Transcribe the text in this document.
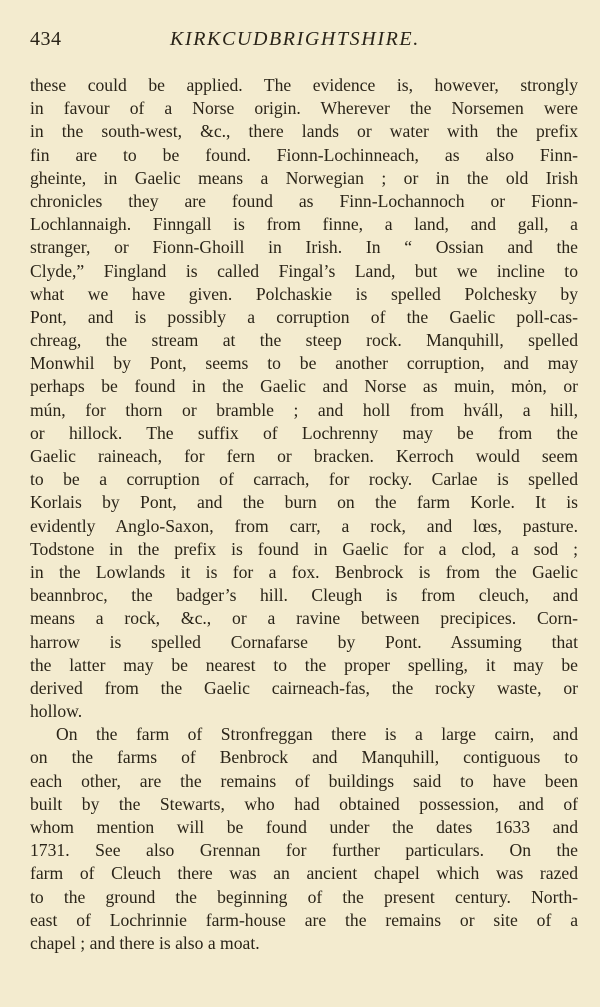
434	KIRKCUDBRIGHTSHIRE.
these could be applied. The evidence is, however, strongly
in favour of a Norse origin. Wherever the Norsemen were
in the south-west, &c., there lands or water with the prefix
fin are to be found. Fionn-Lochinneach, as also Finn-
gheinte, in Gaelic means a Norwegian ; or in the old Irish
chronicles they are found as Finn-Lochannoch or Fionn-
Lochlannaigh. Finngall is from finne, a land, and gall, a
stranger, or Fionn-Ghoill in Irish. In “ Ossian and the
Clyde,” Fingland is called Fingal’s Land, but we incline to
what we have given. Polchaskie is spelled Polchesky by
Pont, and is possibly a corruption of the Gaelic poll-cas-
chreag, the stream at the steep rock. Manquhill, spelled
Monwhil by Pont, seems to be another corruption, and may
perhaps be found in the Gaelic and Norse as muin, mȯn, or
mún, for thorn or bramble ; and holl from hváll, a hill,
or hillock. The suffix of Lochrenny may be from the
Gaelic raineach, for fern or bracken. Kerroch would seem
to be a corruption of carrach, for rocky. Carlae is spelled
Korlais by Pont, and the burn on the farm Korle. It is
evidently Anglo-Saxon, from carr, a rock, and lœs, pasture.
Todstone in the prefix is found in Gaelic for a clod, a sod ;
in the Lowlands it is for a fox. Benbrock is from the Gaelic
beannbroc, the badger’s hill. Cleugh is from cleuch, and
means a rock, &c., or a ravine between precipices. Corn-
harrow is spelled Cornafarse by Pont. Assuming that
the latter may be nearest to the proper spelling, it may be
derived from the Gaelic cairneach-fas, the rocky waste, or
hollow.
On the farm of Stronfreggan there is a large cairn, and
on the farms of Benbrock and Manquhill, contiguous to
each other, are the remains of buildings said to have been
built by the Stewarts, who had obtained possession, and of
whom mention will be found under the dates 1633 and
1731. See also Grennan for further particulars. On the
farm of Cleuch there was an ancient chapel which was razed
to the ground the beginning of the present century. North-
east of Lochrinnie farm-house are the remains or site of a
chapel ; and there is also a moat.
